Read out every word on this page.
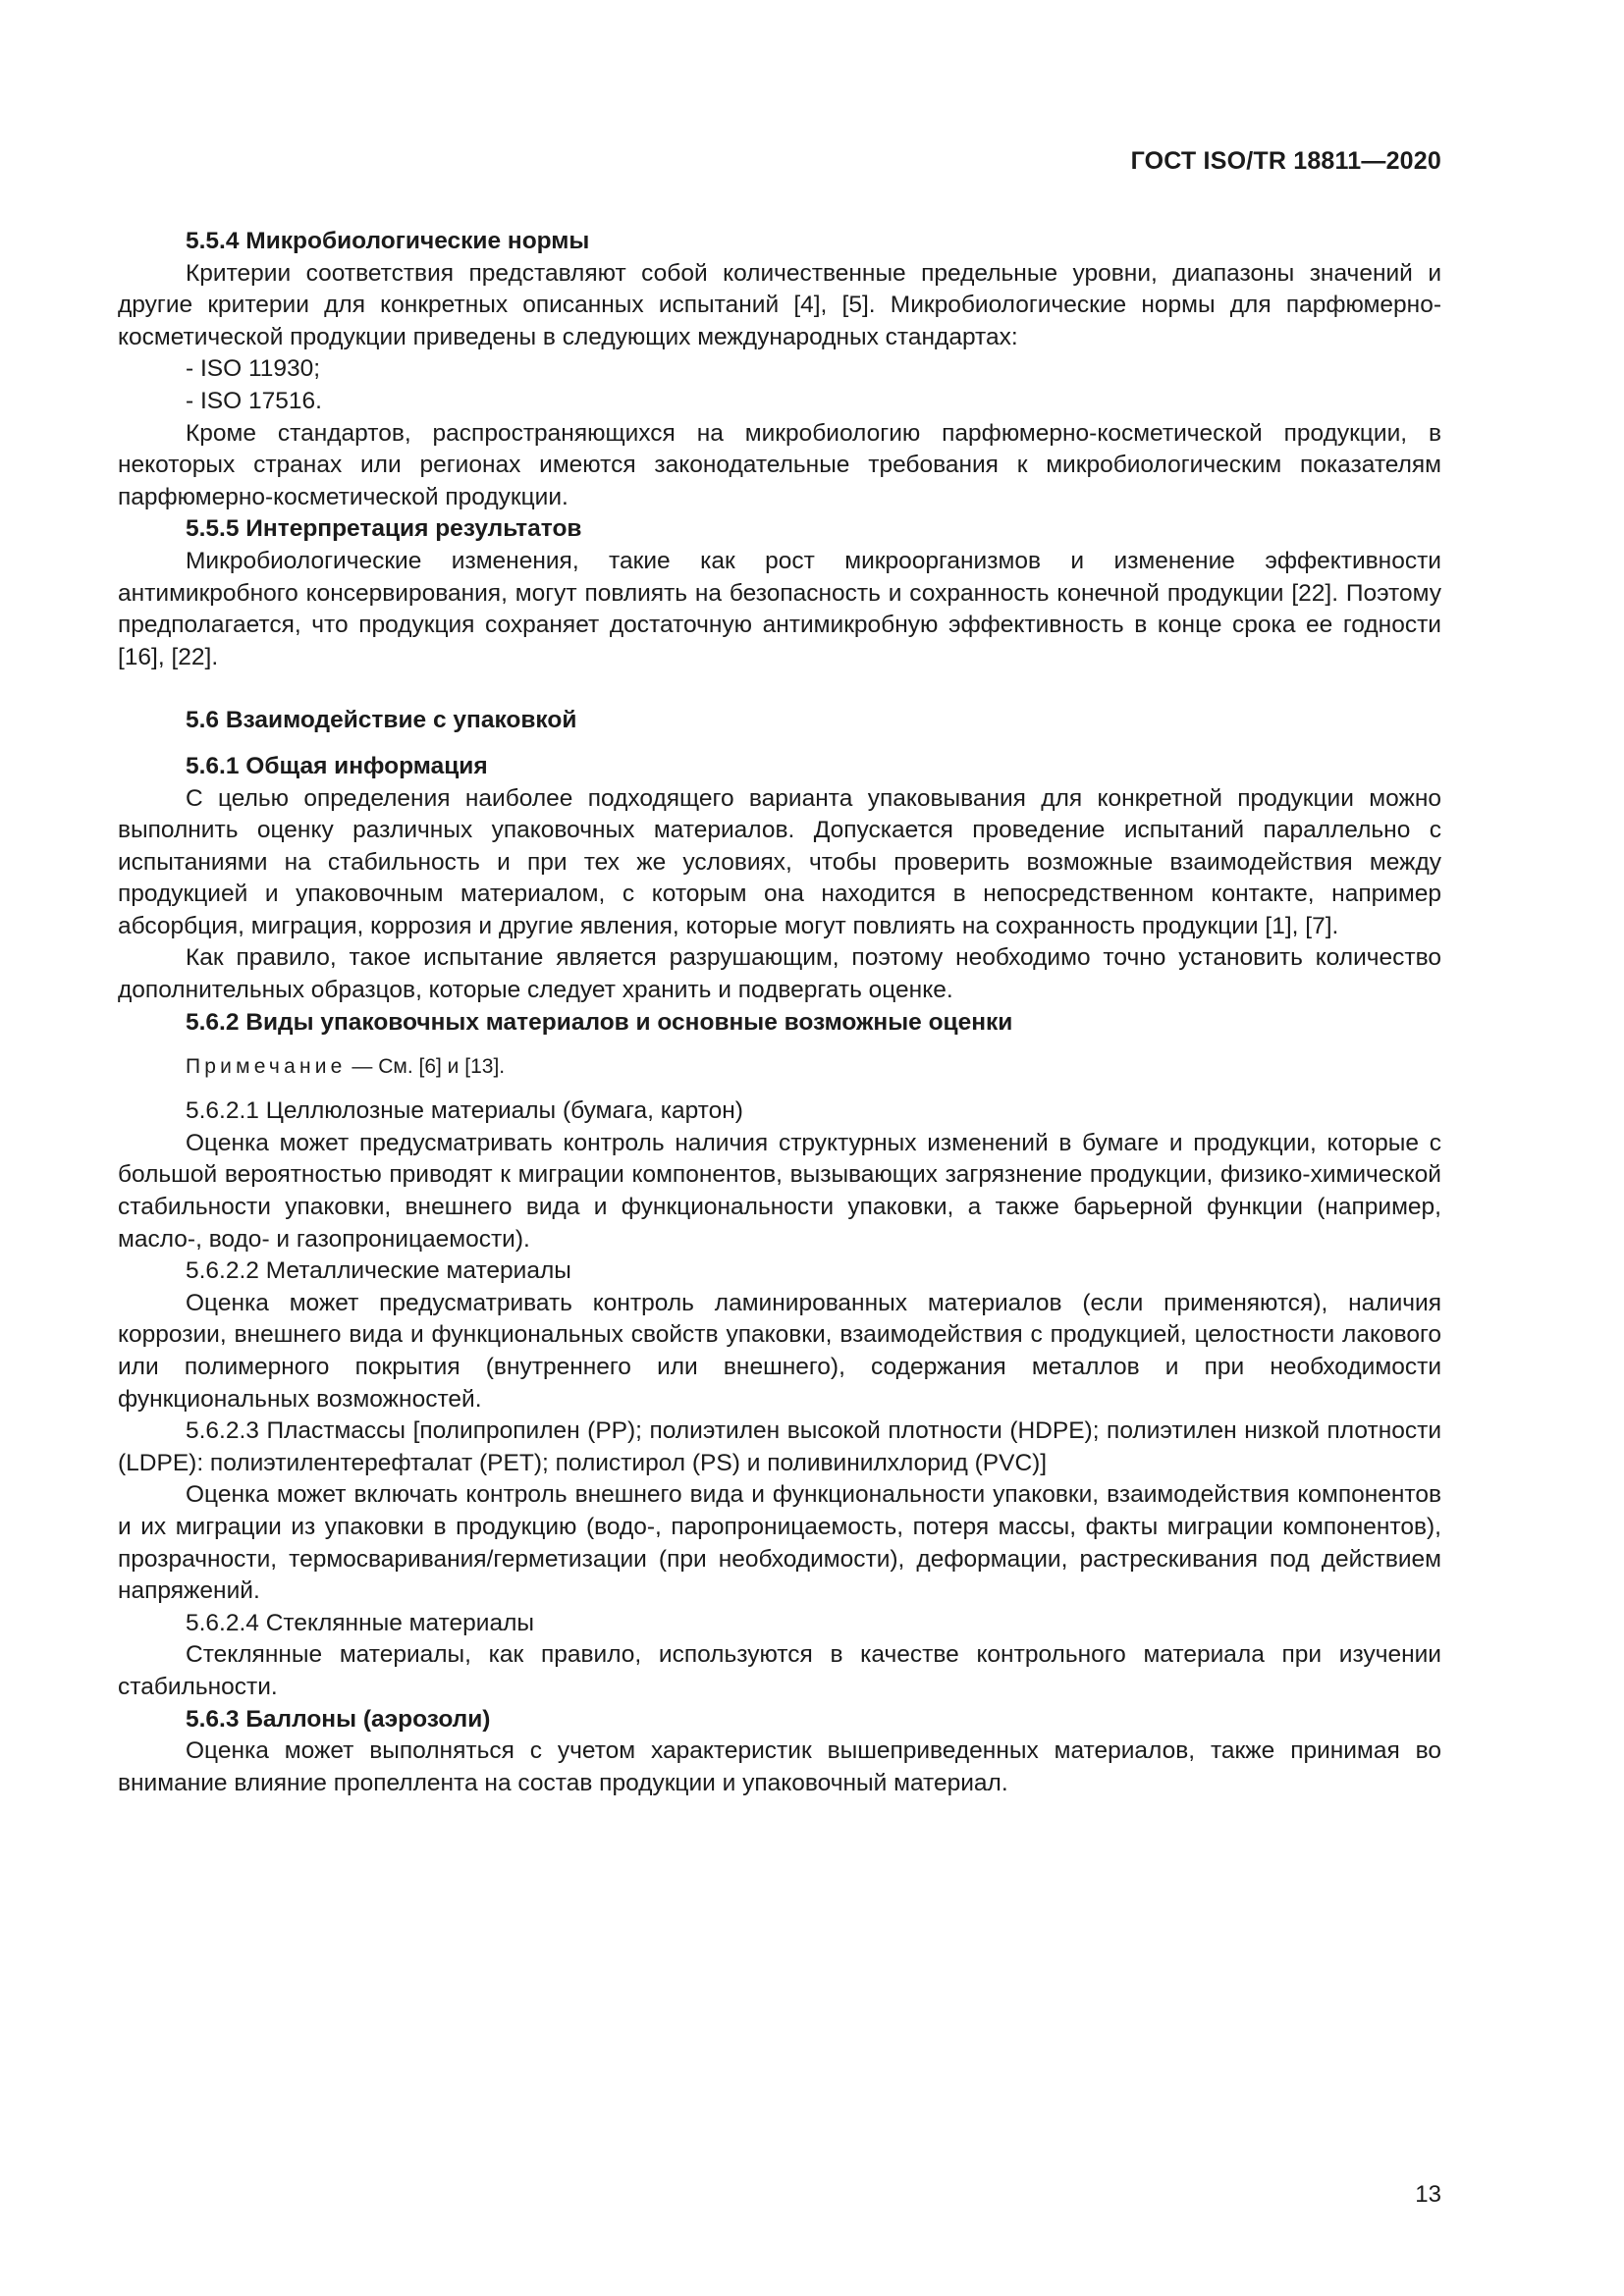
ГОСТ ISO/TR 18811—2020

5.5.4 Микробиологические нормы

Критерии соответствия представляют собой количественные предельные уровни, диапазоны значений и другие критерии для конкретных описанных испытаний [4], [5]. Микробиологические нормы для парфюмерно-косметической продукции приведены в следующих международных стандартах:

- ISO 11930;

- ISO 17516.

Кроме стандартов, распространяющихся на микробиологию парфюмерно-косметической продукции, в некоторых странах или регионах имеются законодательные требования к микробиологическим показателям парфюмерно-косметической продукции.

5.5.5 Интерпретация результатов

Микробиологические изменения, такие как рост микроорганизмов и изменение эффективности антимикробного консервирования, могут повлиять на безопасность и сохранность конечной продукции [22]. Поэтому предполагается, что продукция сохраняет достаточную антимикробную эффективность в конце срока ее годности [16], [22].

5.6 Взаимодействие с упаковкой

5.6.1 Общая информация

С целью определения наиболее подходящего варианта упаковывания для конкретной продукции можно выполнить оценку различных упаковочных материалов. Допускается проведение испытаний параллельно с испытаниями на стабильность и при тех же условиях, чтобы проверить возможные взаимодействия между продукцией и упаковочным материалом, с которым она находится в непосредственном контакте, например абсорбция, миграция, коррозия и другие явления, которые могут повлиять на сохранность продукции [1], [7].

Как правило, такое испытание является разрушающим, поэтому необходимо точно установить количество дополнительных образцов, которые следует хранить и подвергать оценке.

5.6.2 Виды упаковочных материалов и основные возможные оценки

Примечание — См. [6] и [13].

5.6.2.1 Целлюлозные материалы (бумага, картон)

Оценка может предусматривать контроль наличия структурных изменений в бумаге и продукции, которые с большой вероятностью приводят к миграции компонентов, вызывающих загрязнение продукции, физико-химической стабильности упаковки, внешнего вида и функциональности упаковки, а также барьерной функции (например, масло-, водо- и газопроницаемости).

5.6.2.2 Металлические материалы

Оценка может предусматривать контроль ламинированных материалов (если применяются), наличия коррозии, внешнего вида и функциональных свойств упаковки, взаимодействия с продукцией, целостности лакового или полимерного покрытия (внутреннего или внешнего), содержания металлов и при необходимости функциональных возможностей.

5.6.2.3 Пластмассы [полипропилен (PP); полиэтилен высокой плотности (HDPE); полиэтилен низкой плотности (LDPE): полиэтилентерефталат (PET); полистирол (PS) и поливинилхлорид (PVC)]

Оценка может включать контроль внешнего вида и функциональности упаковки, взаимодействия компонентов и их миграции из упаковки в продукцию (водо-, паропроницаемость, потеря массы, факты миграции компонентов), прозрачности, термосваривания/герметизации (при необходимости), деформации, растрескивания под действием напряжений.

5.6.2.4 Стеклянные материалы

Стеклянные материалы, как правило, используются в качестве контрольного материала при изучении стабильности.

5.6.3 Баллоны (аэрозоли)

Оценка может выполняться с учетом характеристик вышеприведенных материалов, также принимая во внимание влияние пропеллента на состав продукции и упаковочный материал.

13
